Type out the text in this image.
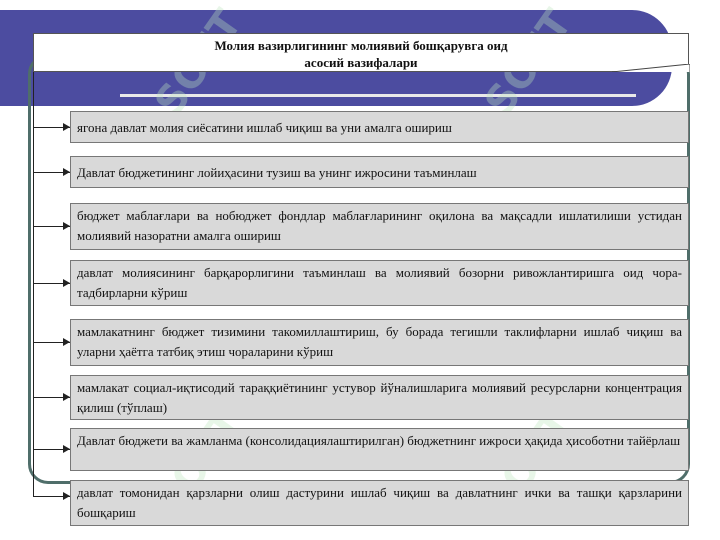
Молия вазирлигининг молиявий бошқарувга оид
асосий вазифалари
ягона давлат молия сиёсатини ишлаб чиқиш ва уни амалга ошириш
Давлат бюджетининг лойиҳасини тузиш ва унинг ижросини таъминлаш
бюджет маблағлари ва нобюджет фондлар маблағларининг оқилона ва мақсадли ишлатилиши устидан молиявий назоратни амалга ошириш
давлат молиясининг барқарорлигини таъминлаш ва молиявий бозорни ривожлантиришга оид чора-тадбирларни кўриш
мамлакатнинг бюджет тизимини такомиллаштириш, бу борада тегишли таклифларни ишлаб чиқиш ва уларни ҳаётга татбиқ этиш чораларини кўриш
мамлакат социал-иқтисодий тараққиётининг устувор йўналишларига молиявий ресурсларни концентрация қилиш (тўплаш)
Давлат бюджети ва жамланма (консолидациялаштирилган) бюджетнинг ижроси ҳақида ҳисоботни тайёрлаш
давлат томонидан қарзларни олиш дастурини ишлаб чиқиш ва давлатнинг ички ва ташқи қарзларини бошқариш
